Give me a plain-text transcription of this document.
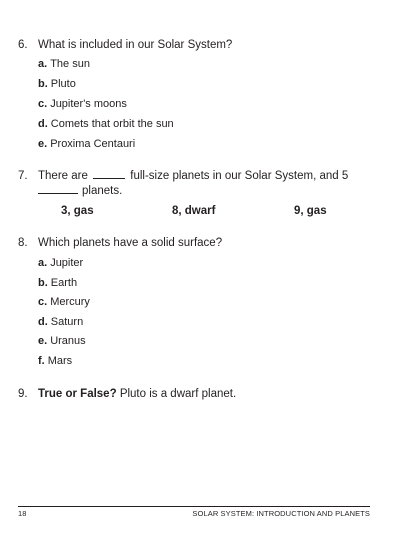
6. What is included in our Solar System?
a. The sun
b. Pluto
c. Jupiter's moons
d. Comets that orbit the sun
e. Proxima Centauri
7. There are	full-size planets in our Solar System, and 5
planets.
3, gas	8, dwarf	9, gas
8. Which planets have a solid surface?
a. Jupiter
b. Earth
c. Mercury
d. Saturn
e. Uranus
f. Mars
9. True or False? Pluto is a dwarf planet.
18	SOLAR SYSTEM: INTRODUCTION AND PLANETS
